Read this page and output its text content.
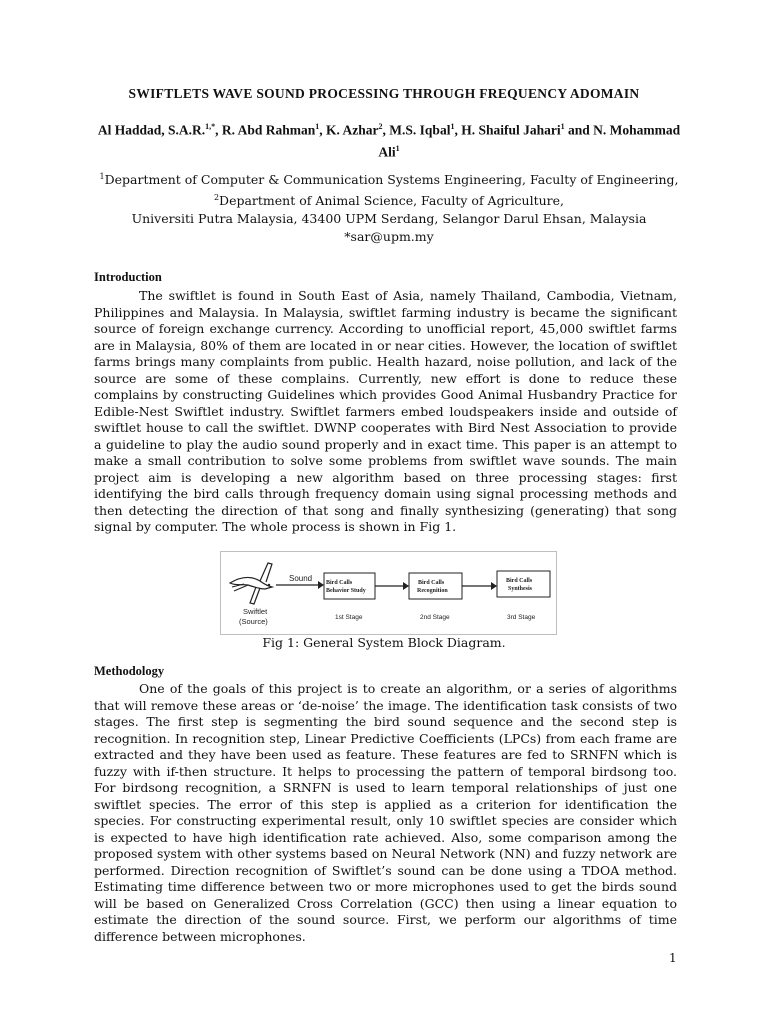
SWIFTLETS WAVE SOUND PROCESSING THROUGH FREQUENCY ADOMAIN
Al Haddad, S.A.R.$^{1,*}$, R. Abd Rahman$^1$, K. Azhar$^2$, M.S. Iqbal$^1$, H. Shaiful Jahari$^1$ and N. Mohammad Ali$^1$
$^1$Department of Computer & Communication Systems Engineering, Faculty of Engineering,
$^2$Department of Animal Science, Faculty of Agriculture,
Universiti Putra Malaysia, 43400 UPM Serdang, Selangor Darul Ehsan, Malaysia
*sar@upm.my
Introduction
The swiftlet is found in South East of Asia, namely Thailand, Cambodia, Vietnam, Philippines and Malaysia. In Malaysia, swiftlet farming industry is became the significant source of foreign exchange currency. According to unofficial report, 45,000 swiftlet farms are in Malaysia, 80% of them are located in or near cities. However, the location of swiftlet farms brings many complaints from public. Health hazard, noise pollution, and lack of the source are some of these complains. Currently, new effort is done to reduce these complains by constructing Guidelines which provides Good Animal Husbandry Practice for Edible-Nest Swiftlet industry. Swiftlet farmers embed loudspeakers inside and outside of swiftlet house to call the swiftlet. DWNP cooperates with Bird Nest Association to provide a guideline to play the audio sound properly and in exact time. This paper is an attempt to make a small contribution to solve some problems from swiftlet wave sounds. The main project aim is developing a new algorithm based on three processing stages: first identifying the bird calls through frequency domain using signal processing methods and then detecting the direction of that song and finally synthesizing (generating) that song signal by computer. The whole process is shown in Fig 1.
Swiftlet
(Source)
Sound Bird Calls
Behavior Study
1st Stage
Bird Calls
Recognition
2nd Stage
Bird Calls
Synthesis
3rd Stage
Fig 1: General System Block Diagram.
Methodology
One of the goals of this project is to create an algorithm, or a series of algorithms that will remove these areas or ‘de-noise’ the image. The identification task consists of two stages. The first step is segmenting the bird sound sequence and the second step is recognition. In recognition step, Linear Predictive Coefficients (LPCs) from each frame are extracted and they have been used as feature. These features are fed to SRNFN which is fuzzy with if-then structure. It helps to processing the pattern of temporal birdsong too. For birdsong recognition, a SRNFN is used to learn temporal relationships of just one swiftlet species. The error of this step is applied as a criterion for identification the species. For constructing experimental result, only 10 swiftlet species are consider which is expected to have high identification rate achieved. Also, some comparison among the proposed system with other systems based on Neural Network (NN) and fuzzy network are performed. Direction recognition of Swiftlet’s sound can be done using a TDOA method. Estimating time difference between two or more microphones used to get the birds sound will be based on Generalized Cross Correlation (GCC) then using a linear equation to estimate the direction of the sound source. First, we perform our algorithms of time difference between microphones.
1
